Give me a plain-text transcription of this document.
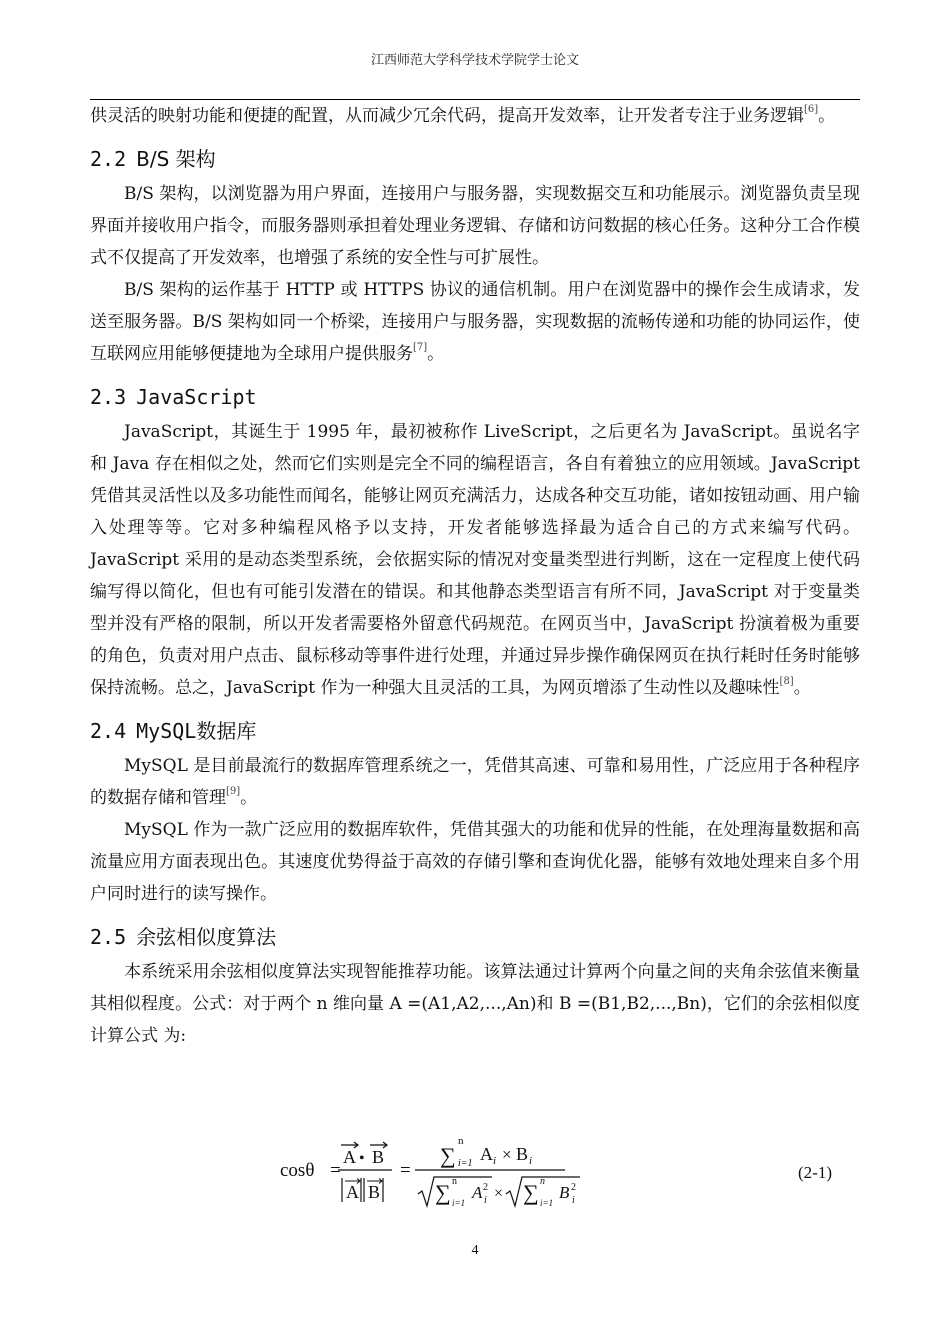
江西师范大学科学技术学院学士论文

供灵活的映射功能和便捷的配置，从而减少冗余代码，提高开发效率，让开发者专注于业务逻辑[6]。

2.2 B/S 架构

B/S 架构，以浏览器为用户界面，连接用户与服务器，实现数据交互和功能展示。浏览器负责呈现界面并接收用户指令，而服务器则承担着处理业务逻辑、存储和访问数据的核心任务。这种分工合作模式不仅提高了开发效率，也增强了系统的安全性与可扩展性。

B/S 架构的运作基于 HTTP 或 HTTPS 协议的通信机制。用户在浏览器中的操作会生成请求，发送至服务器。B/S 架构如同一个桥梁，连接用户与服务器，实现数据的流畅传递和功能的协同运作，使互联网应用能够便捷地为全球用户提供服务[7]。

2.3 JavaScript

JavaScript，其诞生于 1995 年，最初被称作 LiveScript，之后更名为 JavaScript。虽说名字和 Java 存在相似之处，然而它们实则是完全不同的编程语言，各自有着独立的应用领域。JavaScript 凭借其灵活性以及多功能性而闻名，能够让网页充满活力，达成各种交互功能，诸如按钮动画、用户输入处理等等。它对多种编程风格予以支持，开发者能够选择最为适合自己的方式来编写代码。JavaScript 采用的是动态类型系统，会依据实际的情况对变量类型进行判断，这在一定程度上使代码编写得以简化，但也有可能引发潜在的错误。和其他静态类型语言有所不同，JavaScript 对于变量类型并没有严格的限制，所以开发者需要格外留意代码规范。在网页当中，JavaScript 扮演着极为重要的角色，负责对用户点击、鼠标移动等事件进行处理，并通过异步操作确保网页在执行耗时任务时能够保持流畅。总之，JavaScript 作为一种强大且灵活的工具，为网页增添了生动性以及趣味性[8]。

2.4 MySQL 数据库

MySQL 是目前最流行的数据库管理系统之一，凭借其高速、可靠和易用性，广泛应用于各种程序的数据存储和管理[9]。

MySQL 作为一款广泛应用的数据库软件，凭借其强大的功能和优异的性能，在处理海量数据和高流量应用方面表现出色。其速度优势得益于高效的存储引擎和查询优化器，能够有效地处理来自多个用户同时进行的读写操作。

2.5 余弦相似度算法

本系统采用余弦相似度算法实现智能推荐功能。该算法通过计算两个向量之间的夹角余弦值来衡量其相似程度。公式：对于两个 n 维向量 A =(A1,A2,...,An)和 B =(B1,B2,...,Bn)，它们的余弦相似度计算公式 为:

cosθ =
A • B
A B
=
∑
n
i=1 A i × B i
∑ n
i=1
A 2
i × ∑ n
i=1
B 2
i
(2-1)
4
